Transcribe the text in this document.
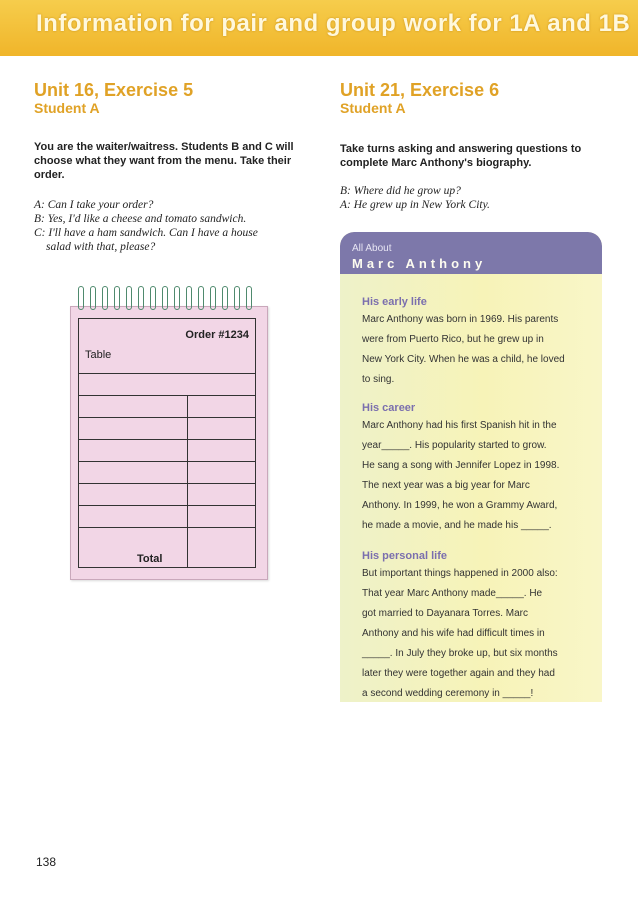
Information for pair and group work for 1A and 1B

Unit 16, Exercise 5

Student A

You are the waiter/waitress. Students B and C will choose what they want from the menu. Take their order.
A: Can I take your order?
B: Yes, I'd like a cheese and tomato sandwich.
C: I'll have a ham sandwich. Can I have a house
salad with that, please?
Order #1234
Table
Total

Unit 21, Exercise 6

Student A

Take turns asking and answering questions to complete Marc Anthony's biography.
B: Where did he grow up?
A: He grew up in New York City.
All About
Marc Anthony
His early life
Marc Anthony was born in 1969. His parents
were from Puerto Rico, but he grew up in
New York City. When he was a child, he loved
to sing.
His career
Marc Anthony had his first Spanish hit in the
year_____. His popularity started to grow.
He sang a song with Jennifer Lopez in 1998.
The next year was a big year for Marc
Anthony. In 1999, he won a Grammy Award,
he made a movie, and he made his _____.
His personal life
But important things happened in 2000 also:
That year Marc Anthony made_____. He
got married to Dayanara Torres. Marc
Anthony and his wife had difficult times in
_____. In July they broke up, but six months
later they were together again and they had
a second wedding ceremony in _____!
138
